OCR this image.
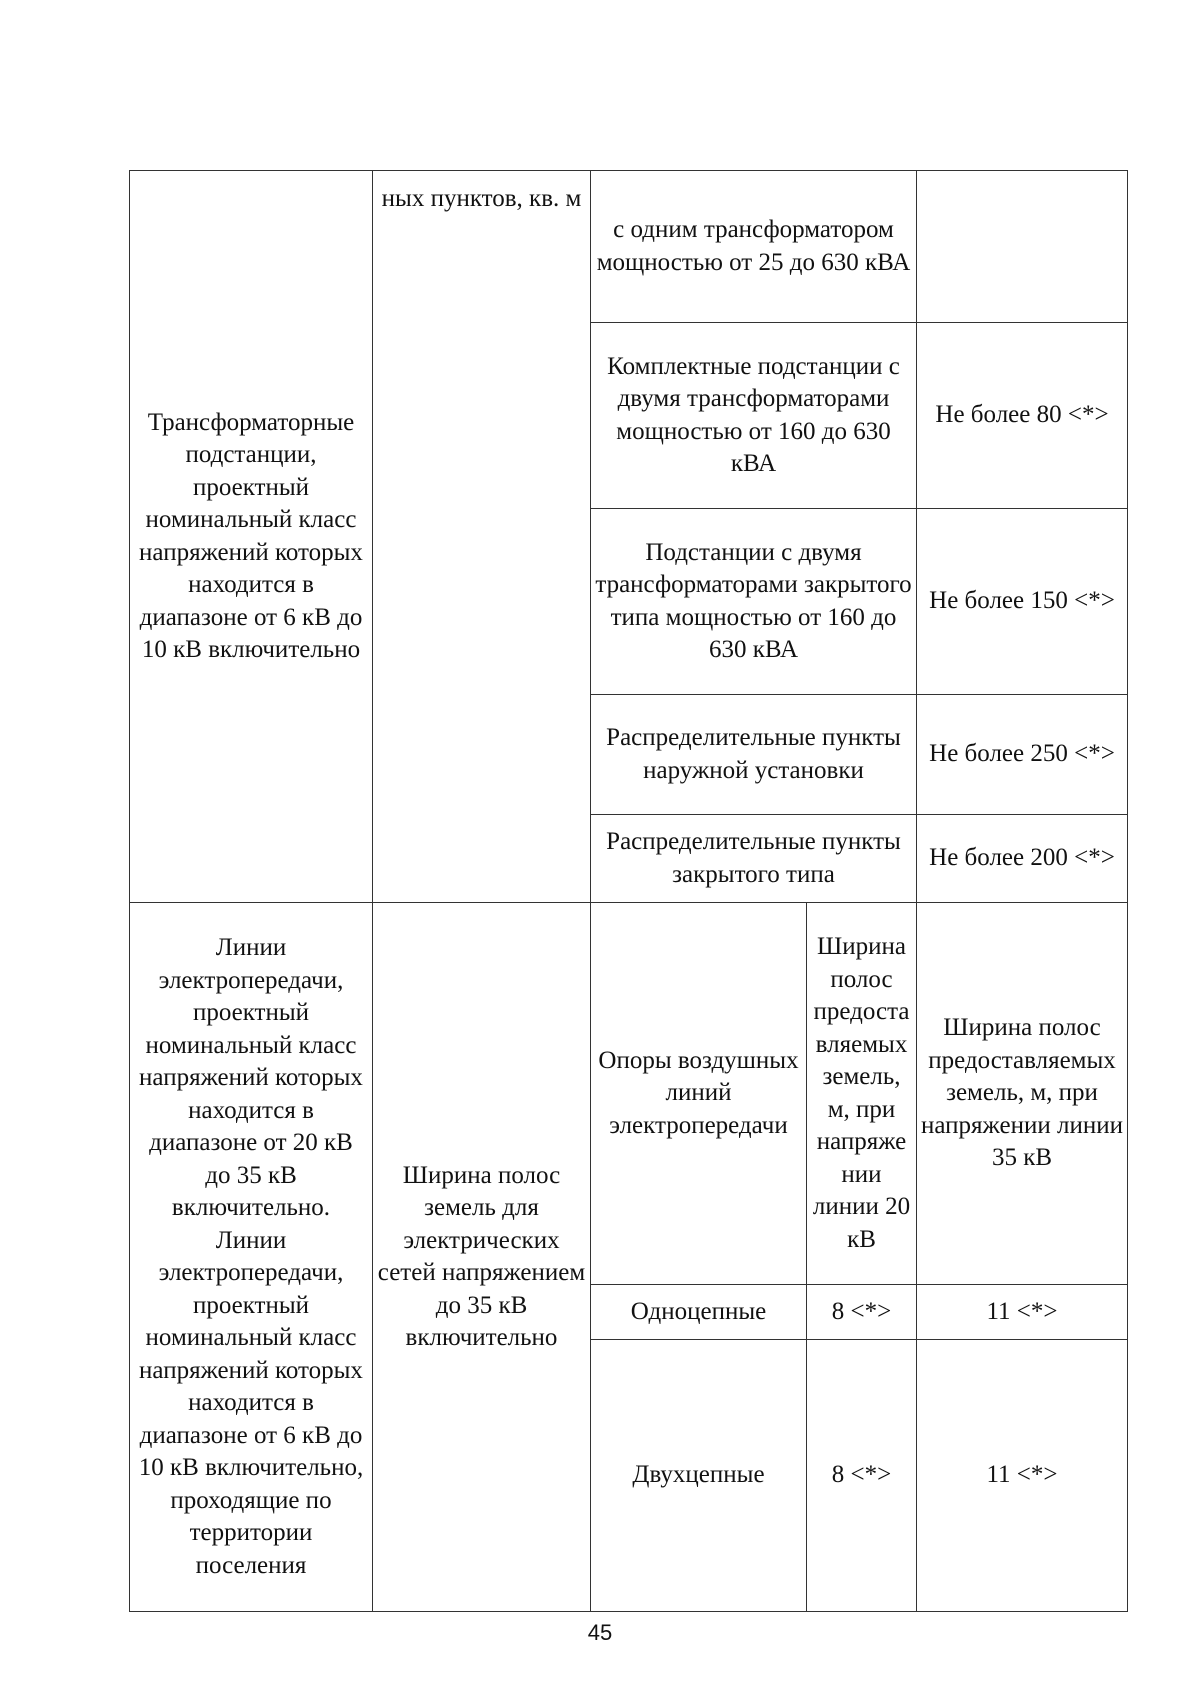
Трансформаторные подстанции, проектный номинальный класс напряжений которых находится в диапазоне от 6 кВ до 10 кВ включительно	ных пунктов, кв. м	с одним трансформатором мощностью от 25 до 630 кВА		
		Комплектные подстанции с двумя трансформаторами мощностью от 160 до 630 кВА		Не более 80 <*>
		Подстанции с двумя трансформаторами закрытого типа мощностью от 160 до 630 кВА		Не более 150 <*>
		Распределительные пункты наружной установки		Не более 250 <*>
		Распределительные пункты закрытого типа		Не более 200 <*>
Линии электропередачи, проектный номинальный класс напряжений которых находится в диапазоне от 20 кВ до 35 кВ включительно. Линии электропередачи, проектный номинальный класс напряжений которых находится в диапазоне от 6 кВ до 10 кВ включительно, проходящие по территории поселения	Ширина полос земель для электрических сетей напряжением до 35 кВ включительно	Опоры воздушных линий электропередачи	Ширина полос предоставляемых земель, м, при напряжении линии 20 кВ	Ширина полос предоставляемых земель, м, при напряжении линии 35 кВ
		Одноцепные	8 <*>	11 <*>
		Двухцепные	8 <*>	11 <*>
45
